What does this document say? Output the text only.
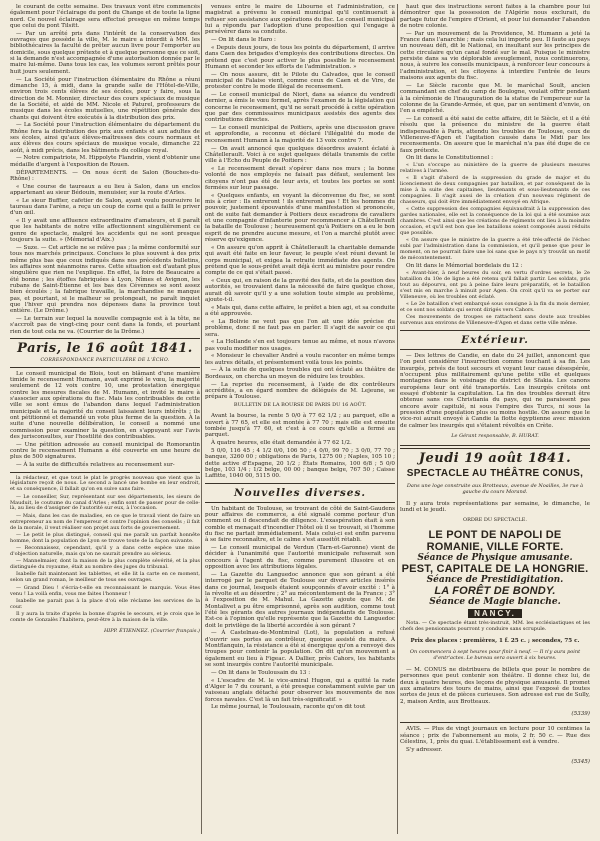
le courant de cette semaine. Des travaux vont être commencés également pour l'éclairage du pont du Change et de toute la ligne nord. Ce nouvel éclairage sera effectué presque en même temps que celui du pont Tilsitt.

— Par un arrêté pris dans l'intérêt de la conservation des ouvrages que possède la ville, M. le maire a interdit à MM. les bibliothécaires la faculté de prêter aucun livre pour l'emporter au domicile, sous quelque prétexte et à quelque personne que ce soit, si la demande n'est accompagnée d'une autorisation donnée par le maire lui-même. Dans tous les cas, les volumes seront prêtés pour huit jours seulement.

— La Société pour l'instruction élémentaire du Rhône a réuni dimanche 15, à midi, dans la grande salle de l'Hôtel-de-Ville, environ trois cents élèves de ses écoles, pour y faire, sous la direction de M. Monnier, directeur des cours spéciaux de musique de la Société, et aidé de MM. Nicole et Paturel, professeurs de musique dans les écoles mutuelles, une répétition générale des chants qui doivent être exécutés à la distribution des prix.

— La Société pour l'instruction élémentaire du département du Rhône fera la distribution des prix aux enfants et aux adultes de ses écoles, ainsi qu'aux élèves-maîtresses des cours normaux et aux élèves des cours spéciaux de musique vocale, dimanche 22 août, à midi précis, dans les bâtiments du collège royal.

— Notre compatriote, M. Hippolyte Flandrin, vient d'obtenir une médaille d'argent à l'exposition de Rouen.

DÉPARTEMENTS. — On nous écrit de Salon (Bouches-du-Rhône) :

« Une course de taureaux a eu lieu à Salon, dans un enclos appartenant au sieur Bédouin, menuisier, sur la route d'Arles.

« Le sieur Buffier, cafetier de Salon, ayant voulu poursuivre le taureau dans l'arène, a reçu un coup de corne qui a failli le priver d'un œil.

« Il y avait une affluence extraordinaire d'amateurs, et il paraît que les habitants de notre ville affectionnent singulièrement ce genre de spectacle, malgré les accidents qui ne sont presque toujours la suite. » (Mémorial d'Aix.)

— Suze. — Cet article ne se relève pas ; la même conformité sur tous nos marchés principaux. Conclues le plus souvent à des prix même plus bas que ceux indiqués dans nos précédents bulletins, les affaires sont néanmoins rares. Cette situation est d'autant plus singulière que rien ne l'explique. En effet, la foire de Beaucaire a été bonne ; les étoffes fabriquées à Lyon, Nîmes et Avignon, les rubans de Saint-Étienne et les bas des Cévennes se sont assez bien écoulés ; la fabrique travaille, la marchandise ne manque pas, et pourtant, si le malheur se prolongeait, ne paraît inquiet que l'hiver qui prendra nos dépenses dans la province tout entière. (Le Drôme.)

— Le terrain sur lequel la nouvelle compagnie est à la tête, ne s'accroît pas de vingt-cinq pour cent dans la fonds, et pourtant rien de tout cela ne va. (Courrier de la Drôme.)

Paris, le 16 août 1841.
CORRESPONDANCE PARTICULIÈRE DE L'ÉCHO.

Le conseil municipal de Blois, tout en blâmant d'une manière timide le recensement Humann, avait exprimé le vœu, la majorité seulement de 12 voix contre 10, une protestation énergique contre les mesures fiscales de M. Humann, et invité le maire à s'associer aux opérations du fisc. Mais les contribuables de cette ville se sont émus de l'abandon dans lequel l'administration municipale et la majorité du conseil laissaient leurs intérêts ; ils ont pétitionné et demandé un vote plus ferme de la question. À la suite d'une nouvelle délibération, le conseil a nommé une commission pour examiner la question, en s'appuyant sur l'avis des jurisconsultes, sur l'hostilité des contribuables.

— Une pétition adressée au conseil municipal de Romorantin contre le recensement Humann a été couverte en une heure de plus de 500 signatures.

— À la suite de difficultés relatives au recensement sur-

la rédacteur, et que tout le plat le progrès nouveau que vient que la législature reçoit de nous. Le second a lancé une bombe en leur endroit, et sa conséquence, il fallait qu'on en suive sans faire.

— Le conseiller, Sur, représentant sur ses départements, les sieurs de Mauduit, le coutume du canal d'Arles ; enfin sont de passer pour de celle-là, au lieu de d'assigner de l'autorité sur eux, à l'occasion.

— Mais, dans les cas de maladies, en ce que le travail vient de faire un entrepreneur au nom de l'empereur et contre l'opinion des conseils ; il fait de la morale, il veut réaliser son projet aux forts de gouvernement.

— Le petit le plus distingué, conseil qui me paraît un parfait honnête homme, dont la population de Lyon se trouve toute de la façon suivante.

— Reconnaissez, cependant, qu'il y a dans cette espèce une mise d'objection naturelle, mais qu'on ne saurait prendre au sérieux.

— Mannelmaier, dont la maison de la plus complète sévérité, et la plus distinguée du royaume, était au nombre des juges du tribunal.

Isabelle fait maintenant les tablettes, et elle lit la carte en ce moment, selon un grand roman, le meilleur de tous ses ouvrages.

— Grand Dieu ! s'écria-t-elle en reconnaissant le marquis. Vous êtes venu ! La voilà enfin, vous me faites l'honneur !

Isabelle ne parait pas à la place d'où elle réclame les services de la cour.

Il y aura la traite d'après la bonne d'après le secours, et je crois que le comte de Gonzalès l'habitera, peut-être à la maison de la ville.

HIPP. ÉTIENNEZ. (Courrier français.)

venues entre le maire de Libourne et l'administration, ce magistrat a prévenu le conseil municipal qu'il continuerait à refuser son assistance aux opérations du fisc. Le conseil municipal lui a répondu par l'adoption d'une proposition qui l'engage à persévérer dans sa conduite.

— On lit dans le Haro :

« Depuis deux jours, de tous les points du département, il arrive dans Caen des brigades d'employés des contributions directes. On prétend que c'est pour activer le plus possible le recensement Humann et seconder les efforts de l'administration. »

— On nous assure, dit le Pilote du Calvados, que le conseil municipal de Falaise vient, comme ceux de Caen et de Vire, de protester contre le mode illégal de recensement.

— Le conseil municipal de Niort, dans sa séance du vendredi dernier, a émis le vœu formel, après l'examen de la législation qui concerne le recensement, qu'il ne serait procédé à cette opération que par des commissaires municipaux assistés des agents des contributions directes.

— Le conseil municipal de Poitiers, après une discussion grave et approfondie, a reconnu et déclaré l'illégalité du mode de recensement Humann à la majorité de 13 voix contre 7.

— On avait annoncé que quelques désordres avaient éclaté à Châtellerault. Voici à ce sujet quelques détails transmis de cette ville à l'Écho du Peuple de Poitiers :

« Le recensement devait s'opérer dans nos murs ; la bonne volonté de nos employés ne faisait pas défaut, seulement les citoyens n'ont pas été de leur avis, et toutes les portes se sont fermées sur leur passage.

« Quelques enfants, en voyant la déconvenue du fisc, se sont mis à crier : Ils entreront ! ils entreront pas ! Et les hommes du pouvoir, justement épouvantés d'une manifestation si prononcée, ont de suite fait demander à Poitiers deux escadrons de cavaliers et une compagnie d'infanterie pour recommencer à Châtellerault la bataille de Toulouse ; heureusement qu'à Poitiers on a eu le bon esprit de ne prendre aucune mesure, et l'on a marché plutôt avec réserve qu'exigence.

« On assure qu'on apprit à Châtellerault la charitable demande qui avait été faite en leur faveur, le peuple s'est réuni devant le corps municipal, et exigea la retraite immédiate des agents. On prétend que le sous-préfet avait déjà écrit au ministre pour rendre compte de ce qui s'était passé.

« Ceux qui, en raison de la gravité des faits, et de la position des autorités, se trouvaient dans la nécessité de faire quelque chose, aurait dû savoir qu'il y a une solution toute simple au problème, ajoute-t-il.

« Mais qui, dans cette affaire, le préfet a bien agi, et sa conduite a été approuvée.

« La Bolivie ne veut pas que l'on ait une idée précise du problème, donc il ne faut pas en parler. Il s'agit de savoir ce qui sera.

« La Hollande s'en est toujours tenue au même, et nous n'avons pas voulu modifier nos usages.

« Monsieur le chevalier André a voulu raconter en même temps les autres détails, et présentement voilà tous les points.

— À la suite de quelques troubles qui ont éclaté au théâtre de Bordeaux, on chercha un moyen de réduire les troubles.

— La reprise du recensement, à l'aide de dix contrôleurs accrédités, a en égard nombre de délégués de M. Lejeune, se prépare à Toulouse.

BULLETIN DE LA BOURSE DE PARIS DU 16 AOÛT.

Avant la bourse, la rente 5 0/0 à 77 62 1/2 ; au parquet, elle a ouvert à 77 65, et elle est montée à 77 70 ; mais elle est ensuite tombée jusqu'à 77 60, et c'est à ce cours qu'elle a fermé au parquet.

À quatre heures, elle était demandée à 77 62 1/2.

5 0/0, 116 45 ; 4 1/2 0/0, 106 50 ; 4 0/0, 99 70 ; 3 0/0, 77 70 ; banque, 3260 00 ; obligations de Paris, 1275 00 ; Naples, 105 10 ; dette active d'Espagne, 20 1/2 ; États Romains, 100 6/8 ; 5 0/0 belge, 103 1/4 ; 1/2 belge, 00 00 ; banque belge, 767 50 ; Caisse Laffitte, 1040 00, 5115 00.

Nouvelles diverses.

Un habitant de Toulouse, se trouvant de côté de Saint-Gaudens pour affaires de commerce, a été signalé comme porteur d'un comment ou il descendait de diligence. L'exaspération était à son comble et menaçait d'incendier l'hôtel où il se trouvait, si l'homme du fisc ne partait immédiatement. Mais celui-ci est enfin parvenu à se faire reconnaître, et le calme s'est aussitôt rétabli.

— Le conseil municipal de Verdun (Tarn-et-Garonne) vient de décider à l'unanimité que l'autorité municipale refuserait son concours à l'agent du fisc, comme purement illusoire et en opposition avec les attributions légales.

— La Gazette du Languedoc annonce que son gérant a été interrogé par le parquet de Toulouse sur divers articles insérés dans ce journal, lesquels étaient soupçonnés d'avoir excité : 1° à la révolte et au désordre ; 2° au mécontentement de la France ; 3° à l'exposition de M. Mahul. La Gazette ajoute que M. de Montalivet a pu être emprisonné, après son audition, comme tout l'été les gérants des autres journaux indépendants de Toulouse. Est-ce à l'opinion qu'elle représente que la Gazette du Languedoc doit le privilège de la liberté accordée à son gérant ?

— À Castelnau-de-Montmiral (Lot), la population a refusé d'ouvrir ses portes au contrôleur, quoique assisté du maire. À Montflanquin, la résistance a été si énergique qu'on a renvoyé des troupes pour contenir la population. On dit qu'un mouvement a également eu lieu à Figeac. A Dallier, près Cahors, les habitants se sont insurgés contre l'autorité municipale.

— On lit dans le Toulousain du 13 :

« L'escadre de M. le vice-amiral Hugon, qui a quitté la rade d'Alger le 7 du courant, a été presque constamment suivie par un vaisseau anglais détaché pour observer les mouvements de nos forces navales. C'est là un fait très-significatif. »

Le même journal, le Toulousain, raconte qu'on dit tout

haut que des instructions seront faites à la chambre pour lui démontrer que la possession de l'Algérie nous exclurait, du partage futur de l'empire d'Orient, et pour lui demander l'abandon de notre colonie.

— Par un mouvement de la Providence, M. Humann a jeté la France dans l'anarchie ; mais cela lui importe peu. Il faute au pays un nouveau défi, dit le National, en insultant sur les principes de cette circulaire qu'un canal fondé sur le mal. Puisque le ministre persiste dans sa vie déplorable aveuglement, nous continuerons, nous, à suivre les conseils municipaux, à renforcer leur concours à l'administration, et les citoyens à interdire l'entrée de leurs maisons aux agents du fisc.

— Le Siècle raconte que M. le maréchal Soult, ancien commandant en chef du camp de Boulogne, voulait offrir pendant à la cérémonie de l'inauguration de la statue de l'empereur sur la colonne de la Grande-Armée, et que, par un sentiment d'envie, on l'en a empêché.

— Le conseil a été saisi de cette affaire, dit le Siècle, et il a été résolu que la présence du ministre de la guerre était indispensable à Paris, attendu les troubles de Toulouse, ceux de Villeneuve-d'Agen et l'agitation causée dans le Midi par les recensements. On assure que le maréchal n'a pas été dupe de ce faux prétexte.

On lit dans le Constitutionnel :

« L'un s'occupe au ministère de la guerre de plusieurs mesures relatives à l'armée.

« Il s'agit d'abord de la suppression du grade de major et du licenciement de deux compagnies par bataillon, et par conséquent de la mise à la suite des capitaines, lieutenants et sous-lieutenants de ces compagnies. Il s'agit aussi de la création d'un nouveau régiment de chasseurs, qui doit être immédiatement envoyé en Afrique.

« Cette suppression des compagnies équivaudrait à la suppression des gardes nationales, elle est la conséquence de la loi qui a été soumise aux chambres. C'est ainsi que les créations de régiments ont lieu à la moindre occasion, et qu'il est bon que les bataillons soient composés aussi réduits que possible.

« On assure que le ministre de la guerre a été très-affecté de l'échec subi par l'administration dans la commission, et qu'il pense que pour le moment, on ne pourrait faire une loi sans que le pays n'y trouvât un motif de mécontentement.

On lit dans le Mémorial bordelais du 12 :

« Avant-hier, à neuf heures du soir, en vertu d'ordres secrets, le 2e bataillon du 10e de ligne a été retenu qu'il fallait partir. Les soldats, pris tout au dépourvu, ont pu à peine faire leurs préparatifs, et le bataillon s'est mis en marche à minuit pour Agen. On croit qu'il va se porter sur Villeneuve, où les troubles ont éclaté.

« Le 2e bataillon s'est embarqué sous consigne à la fin du mois dernier, et ce sont nos soldats qui seront dirigés vers Cahors.

Ces mouvements de troupes se rattachent sans doute aux troubles survenus aux environs de Villeneuve-d'Agen et dans cette ville même.

Extérieur.

— Des lettres de Candie, en date du 24 juillet, annoncent que l'on peut considérer l'insurrection comme touchant à sa fin. Les insurgés, privés de tout secours et voyant leur cause désespérée, n'occupent plus militairement qu'une petite ville et quelques montagnes dans le voisinage du district de Sfakia. Les canons européens leur ont été transportés. Les insurgés crétois ont essayé d'obtenir la capitulation. La fin des troubles devrait être obtenue sans ces Christiania du pays, qui ne paraissent pas encore avoir capitulé, ni sous l'empire des Turcs, ni sous la pression d'une population plus ou moins hostile. On assure que le vice-roi aurait envoyé à Candie la flotte égyptienne avec mission de calmer les insurgés qui s'étaient révoltés en Crète.

Le Gérant responsable, B. HURAT.

Jeudi 19 août 1841.
SPECTACLE AU THÉÂTRE CONUS,

Dans une loge construite aux Brotteaux, avenue de Noailles, 3e rue à gauche du cours Morand.

Il y aura trois représentations par semaine, le dimanche, le lundi et le jeudi.

ORDRE DU SPECTACLE.

LE PONT DE NAPOLI DE ROMANIE, VILLE FORTE.
Séance de Physique amusante.
PEST, CAPITALE DE LA HONGRIE.
Séance de Prestidigitation.
LA FORÊT DE BONDY.
Séance de Magie blanche.
NANCY.

Nota. — Ce spectacle étant très-instruit, MM. les ecclésiastiques et les chefs des pensionnats pourront y conduire sans scrupule.

Prix des places : premières, 1 f. 25 c. ; secondes, 75 c.

On commencera à sept heures pour finir à neuf. — Il n'y aura point d'entr'actes. Le bureau sera ouvert à six heures.

— M. CONUS ne distribuera de billets que pour le nombre de personnes que peut contenir son théâtre. Il donne chez lui, de deux à quatre heures, des leçons de physique amusante. Il promet aux amateurs des tours de mains, ainsi que l'exposé de toutes sortes de jeux et de pièces curieuses. Son adresse est rue de Sully, 2, maison Ardin, aux Brotteaux.

(5339)

AVIS. — Plus de vingt journaux en lecture pour 10 centimes la séance ; prix de l'abonnement au mois, 2 fr. 50 c. — Rue des Célestins, 1, près du quai. L'établissement est à vendre.

S'y adresser.

(5345)
